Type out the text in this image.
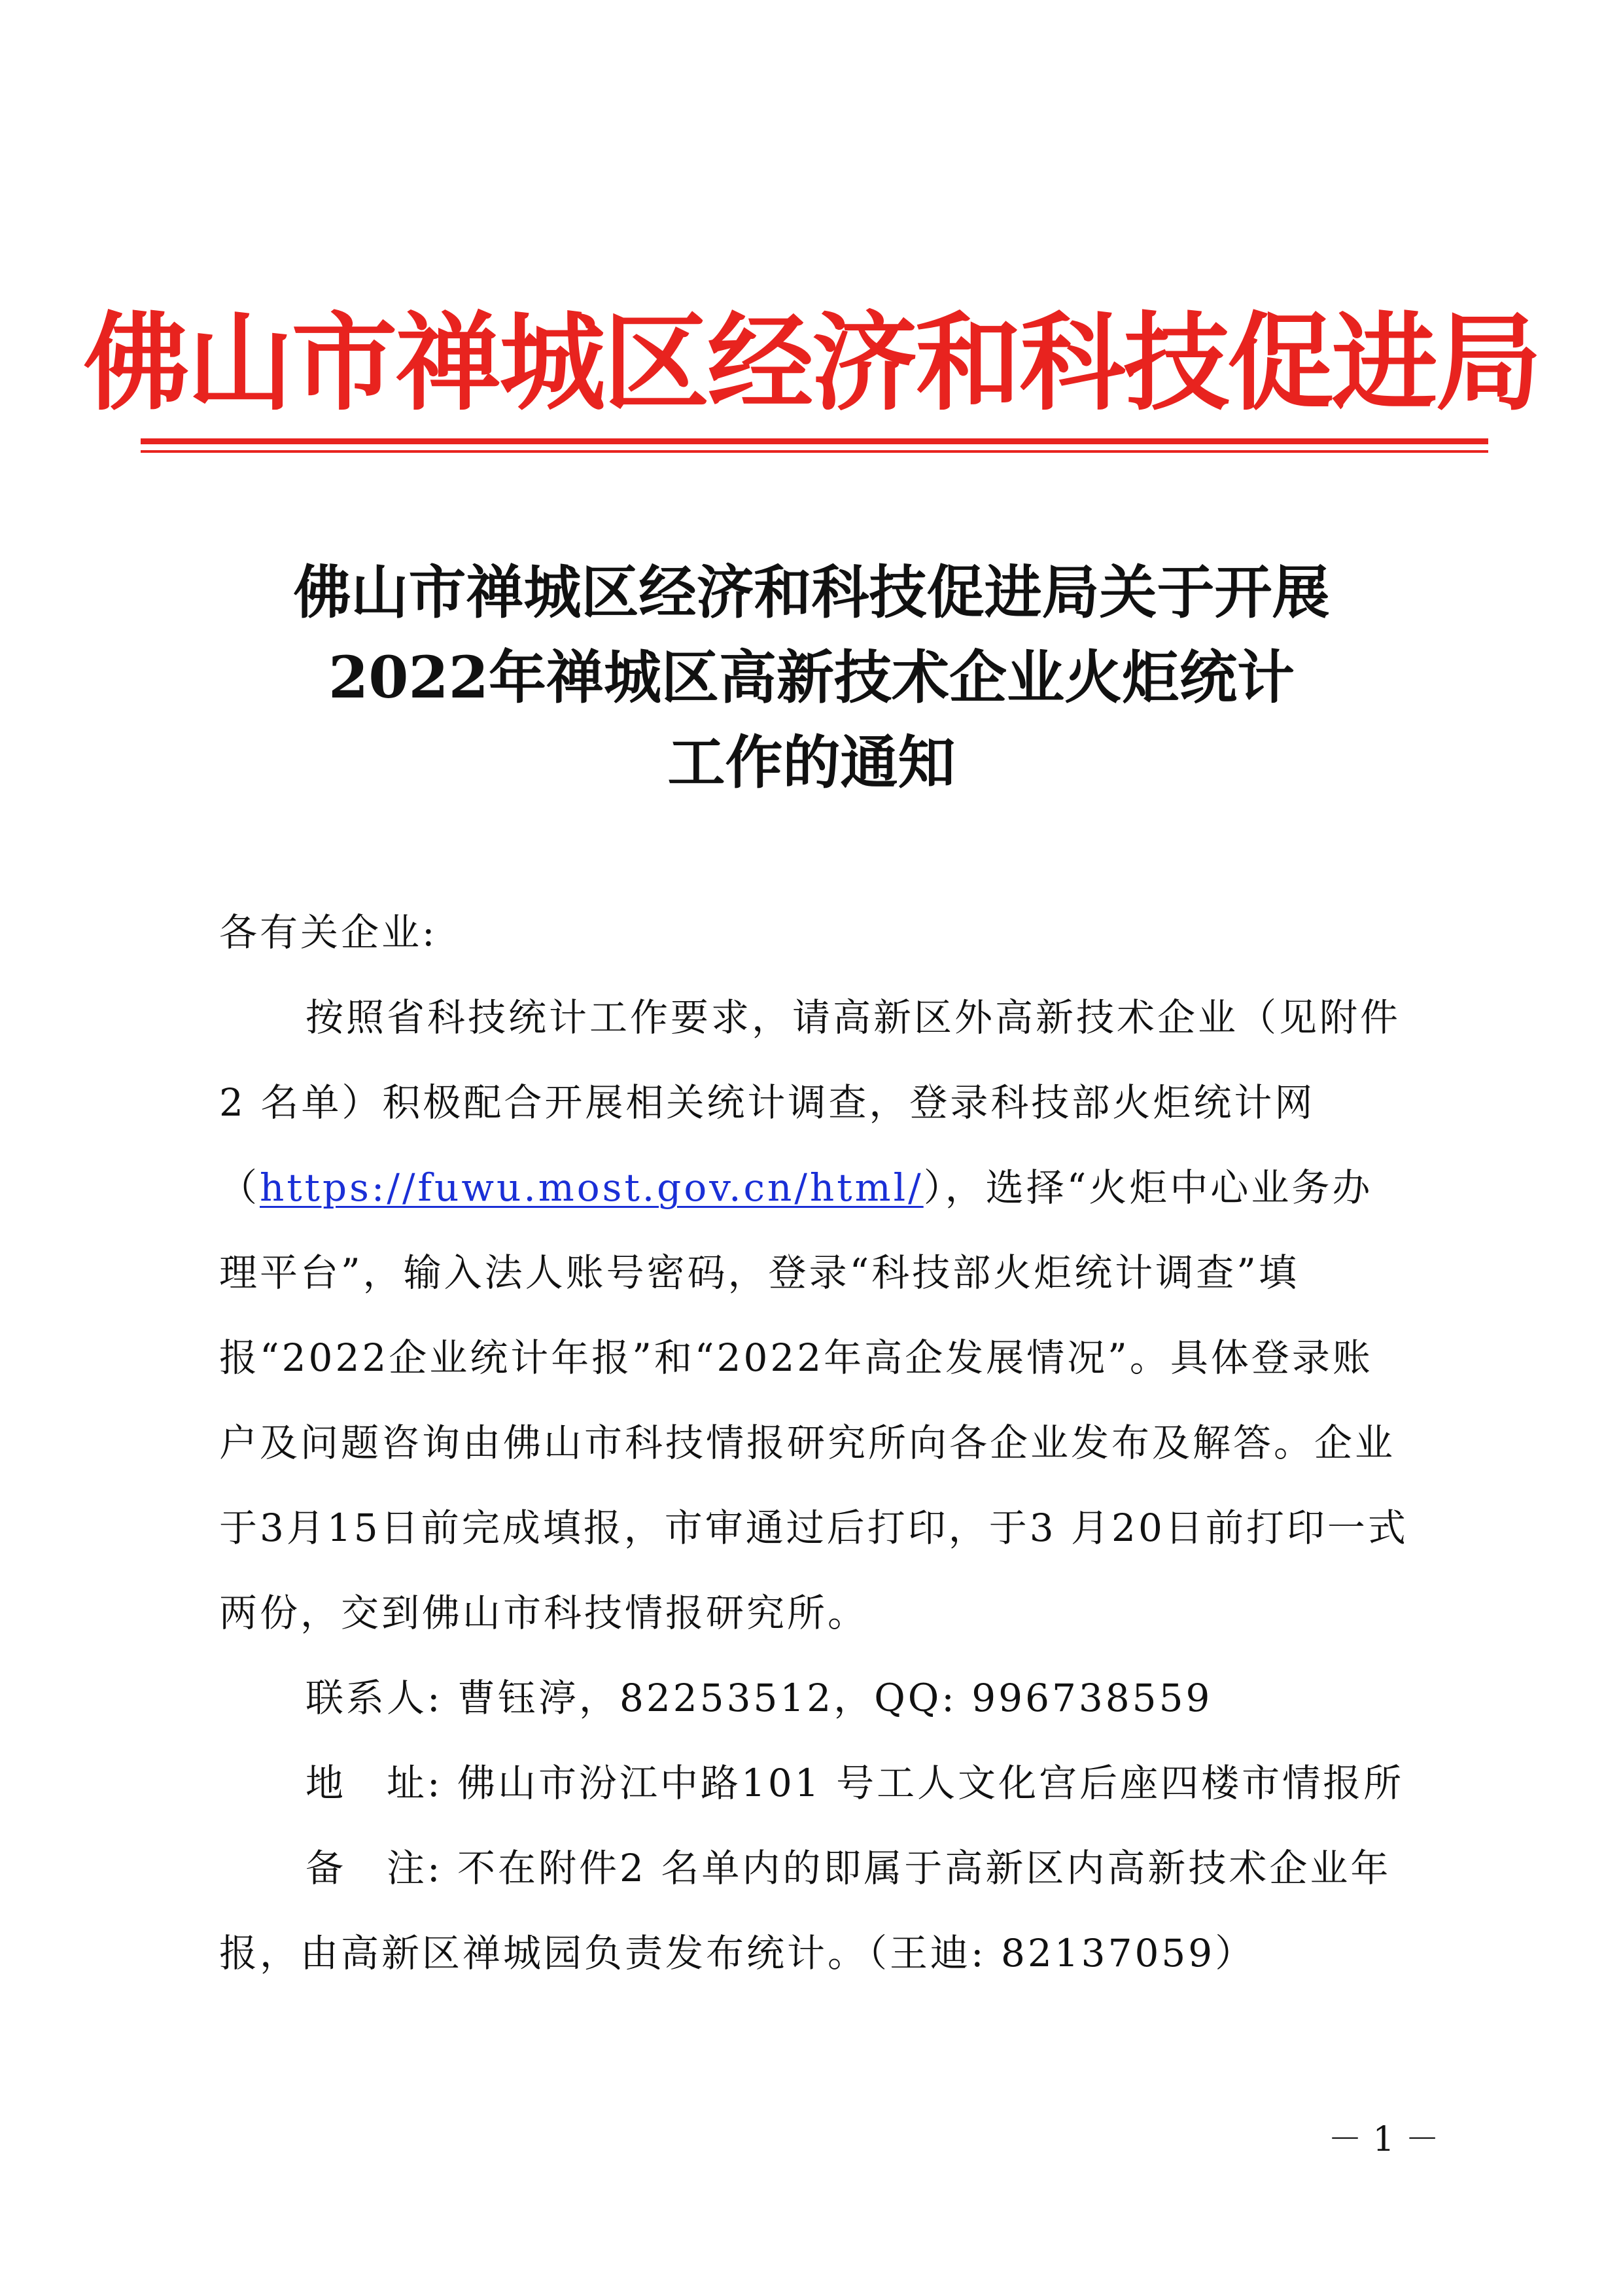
佛山市禅城区经济和科技促进局
佛山市禅城区经济和科技促进局关于开展
2022年禅城区高新技术企业火炬统计
工作的通知

各有关企业:

按照省科技统计工作要求，请高新区外高新技术企业（见附件2 名单）积极配合开展相关统计调查，登录科技部火炬统计网（https://fuwu.most.gov.cn/html/），选择“火炬中心业务办理平台”，输入法人账号密码，登录“科技部火炬统计调查”填报“2022企业统计年报”和“2022年高企发展情况”。具体登录账户及问题咨询由佛山市科技情报研究所向各企业发布及解答。企业于3月15日前完成填报，市审通过后打印，于3 月20日前打印一式两份，交到佛山市科技情报研究所。

联系人: 曹钰渟，82253512，QQ: 996738559

地　址: 佛山市汾江中路101 号工人文化宫后座四楼市情报所

备　注: 不在附件2 名单内的即属于高新区内高新技术企业年报，由高新区禅城园负责发布统计。（王迪: 82137059）

－ 1 －
